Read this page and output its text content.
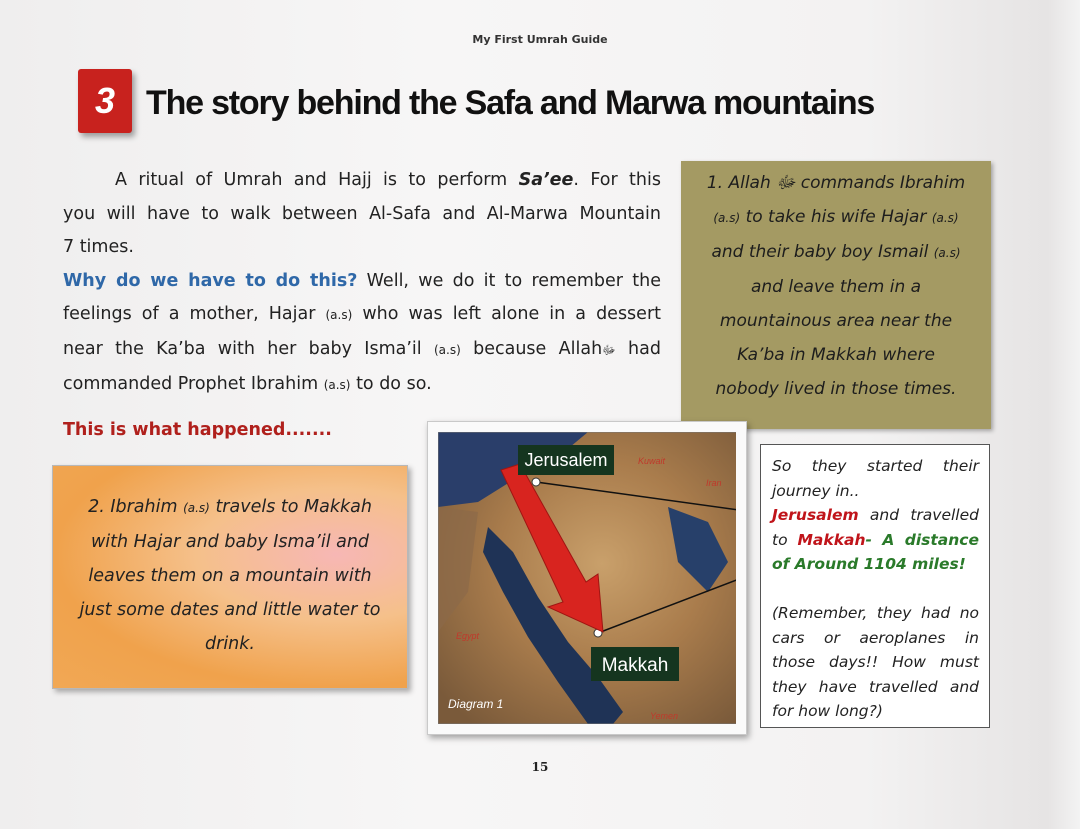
My First Umrah Guide
3 The story behind the Safa and Marwa mountains

A ritual of Umrah and Hajj is to perform Sa’ee. For this

you will have to walk between Al-Safa and Al-Marwa Mountain

7 times.

Why do we have to do this? Well, we do it to remember the

feelings of a mother, Hajar (a.s) who was left alone in a dessert

near the Ka’ba with her baby Isma’il (a.s) because Allahﷻ had

commanded Prophet Ibrahim (a.s) to do so.

This is what happened.......
1. Allah ﷻ commands Ibrahim
(a.s) to take his wife Hajar (a.s)
and their baby boy Ismail (a.s)
and leave them in a
mountainous area near the
Ka’ba in Makkah where
nobody lived in those times.
2. Ibrahim (a.s) travels to Makkah
with Hajar and baby Isma’il and
leaves them on a mountain with
just some dates and little water to
drink.
Jerusalem
Makkah
Kuwait
Iran
Egypt
Yemen
Diagram 1
So they started their
journey in..
Jerusalem and travelled
to Makkah- A distance
of Around 1104 miles!
(Remember, they had no
cars or aeroplanes in
those days!! How must
they have travelled and
for how long?)
15
